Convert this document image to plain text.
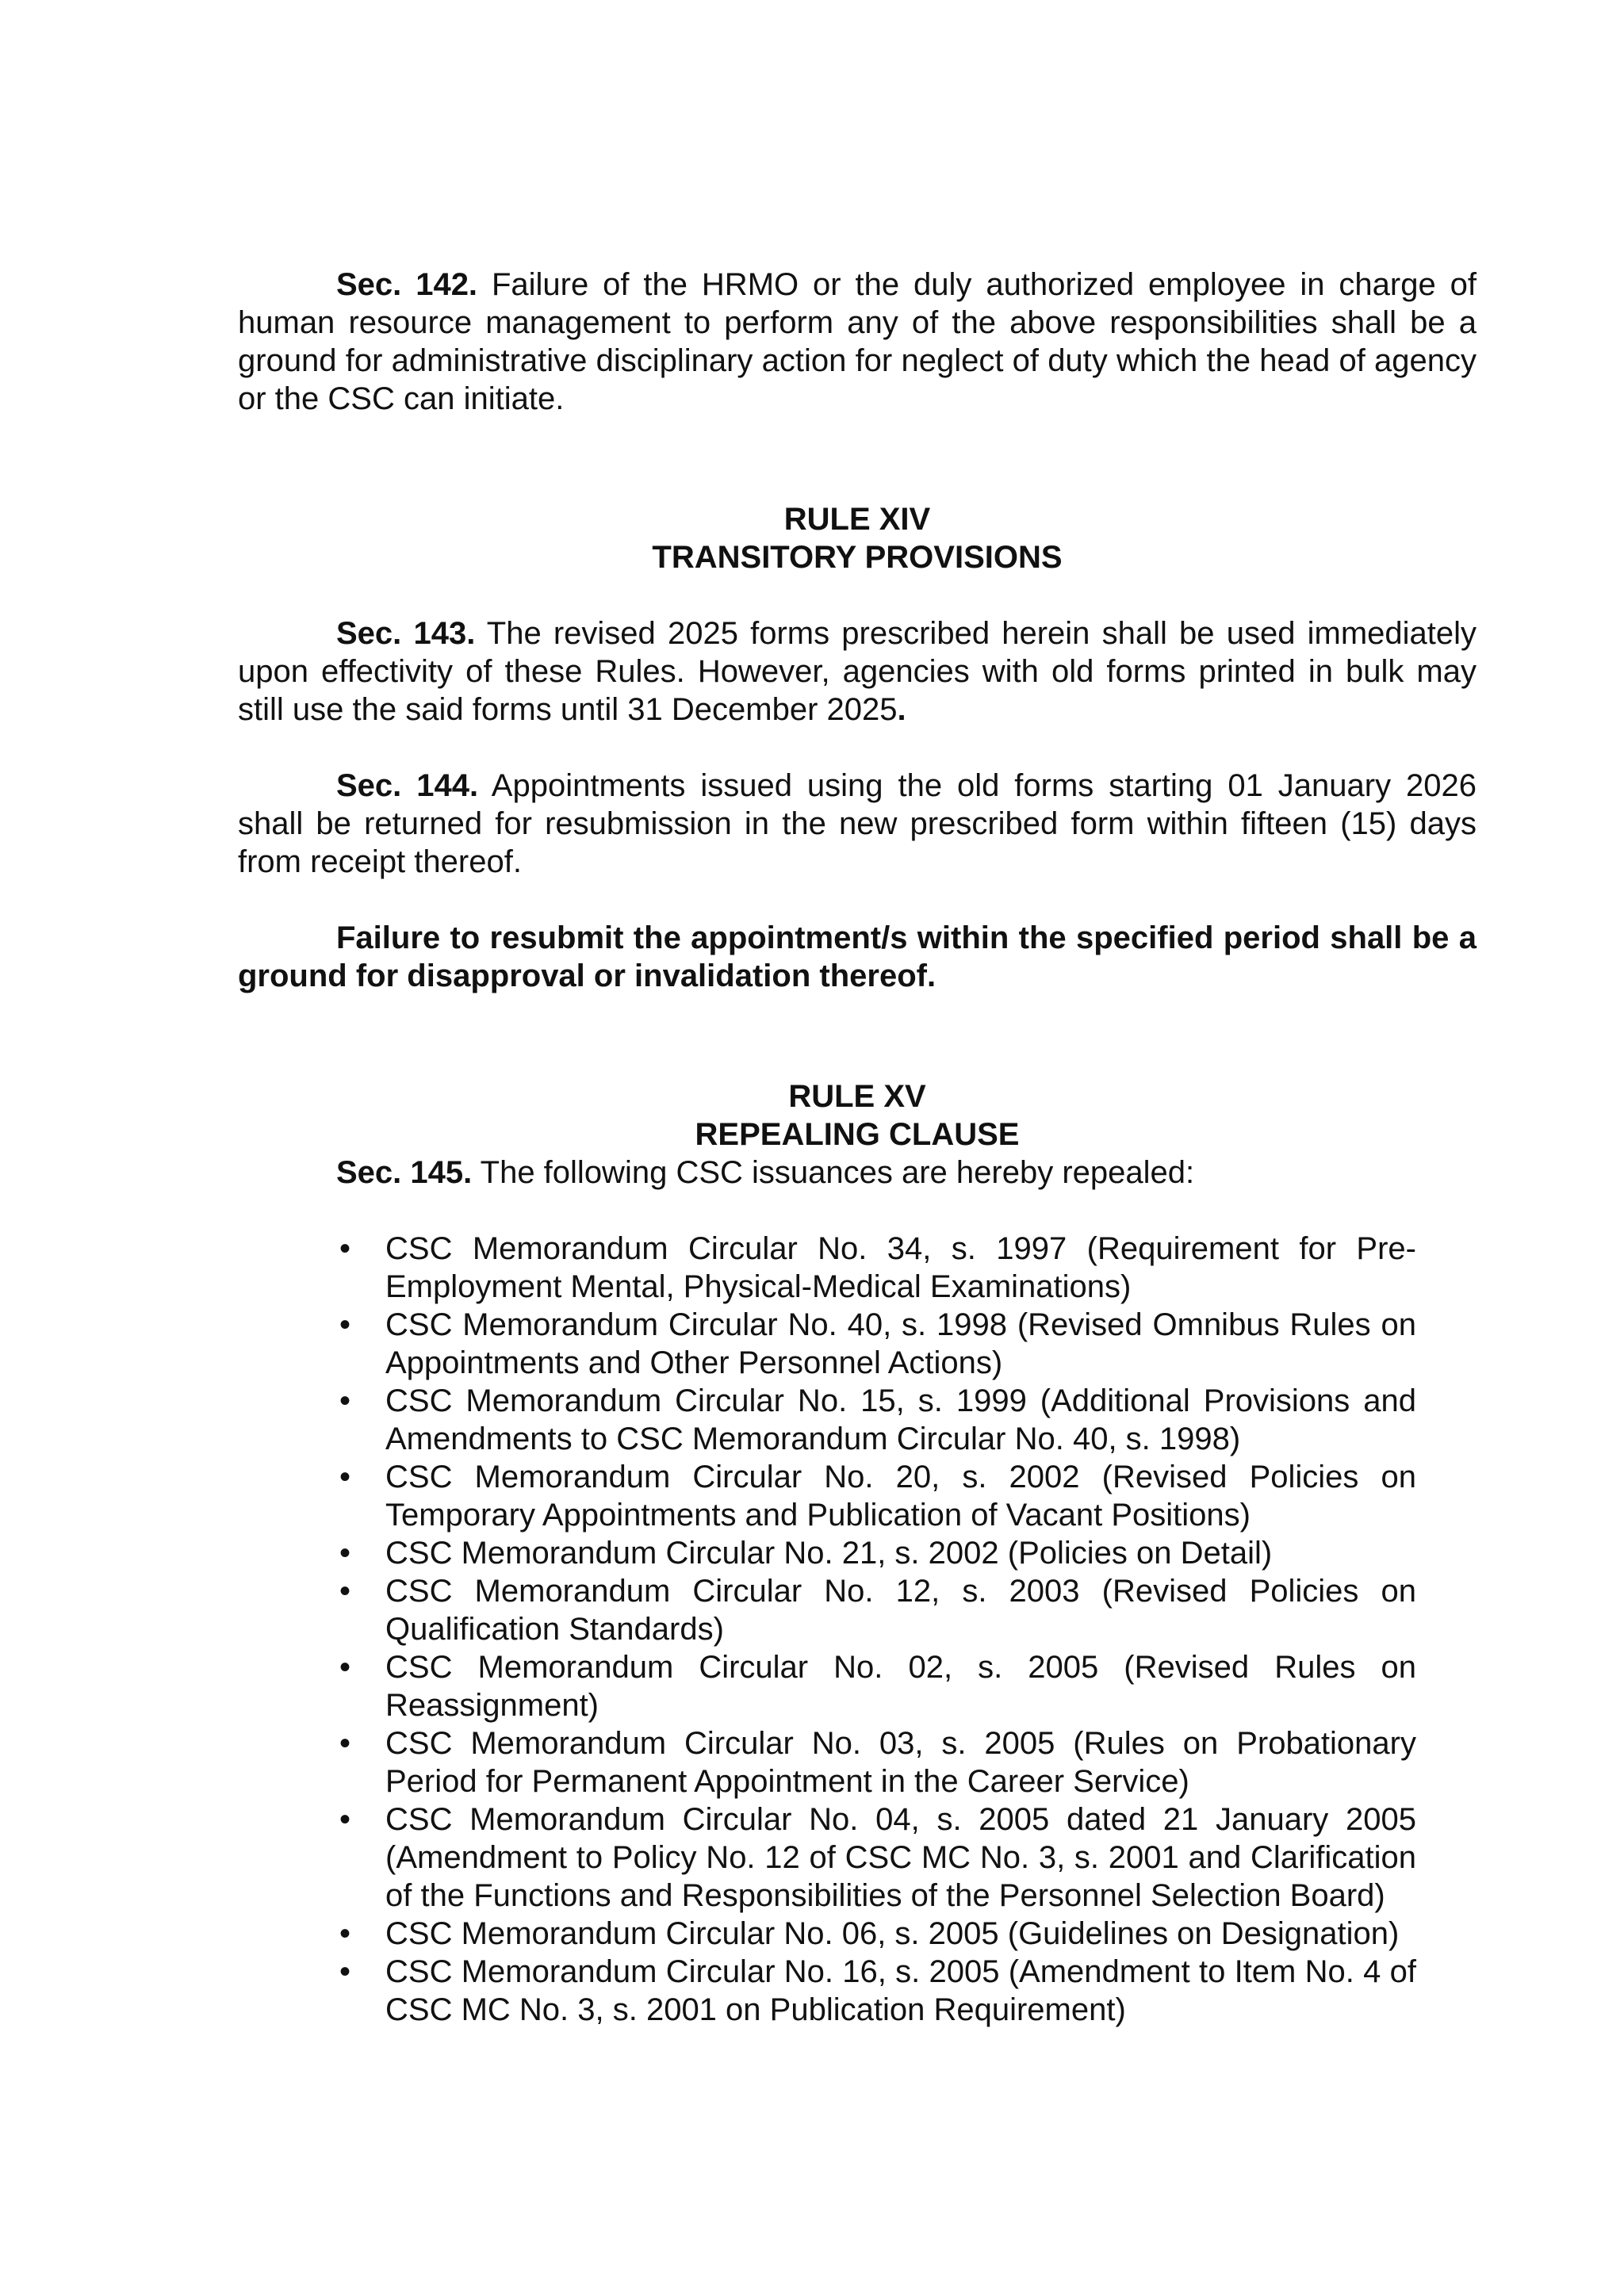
Sec. 142. Failure of the HRMO or the duly authorized employee in charge of human resource management to perform any of the above responsibilities shall be a ground for administrative disciplinary action for neglect of duty which the head of agency or the CSC can initiate.

RULE XIV

TRANSITORY PROVISIONS

Sec. 143. The revised 2025 forms prescribed herein shall be used immediately upon effectivity of these Rules. However, agencies with old forms printed in bulk may still use the said forms until 31 December 2025.

Sec. 144. Appointments issued using the old forms starting 01 January 2026 shall be returned for resubmission in the new prescribed form within fifteen (15) days from receipt thereof.

Failure to resubmit the appointment/s within the specified period shall be a ground for disapproval or invalidation thereof.

RULE XV

REPEALING CLAUSE

Sec. 145. The following CSC issuances are hereby repealed:

• CSC Memorandum Circular No. 34, s. 1997 (Requirement for Pre-Employment Mental, Physical-Medical Examinations)
• CSC Memorandum Circular No. 40, s. 1998 (Revised Omnibus Rules on Appointments and Other Personnel Actions)
• CSC Memorandum Circular No. 15, s. 1999 (Additional Provisions and Amendments to CSC Memorandum Circular No. 40, s. 1998)
• CSC Memorandum Circular No. 20, s. 2002 (Revised Policies on Temporary Appointments and Publication of Vacant Positions)
• CSC Memorandum Circular No. 21, s. 2002 (Policies on Detail)
• CSC Memorandum Circular No. 12, s. 2003 (Revised Policies on Qualification Standards)
• CSC Memorandum Circular No. 02, s. 2005 (Revised Rules on Reassignment)
• CSC Memorandum Circular No. 03, s. 2005 (Rules on Probationary Period for Permanent Appointment in the Career Service)
• CSC Memorandum Circular No. 04, s. 2005 dated 21 January 2005 (Amendment to Policy No. 12 of CSC MC No. 3, s. 2001 and Clarification of the Functions and Responsibilities of the Personnel Selection Board)
• CSC Memorandum Circular No. 06, s. 2005 (Guidelines on Designation)
• CSC Memorandum Circular No. 16, s. 2005 (Amendment to Item No. 4 of CSC MC No. 3, s. 2001 on Publication Requirement)
